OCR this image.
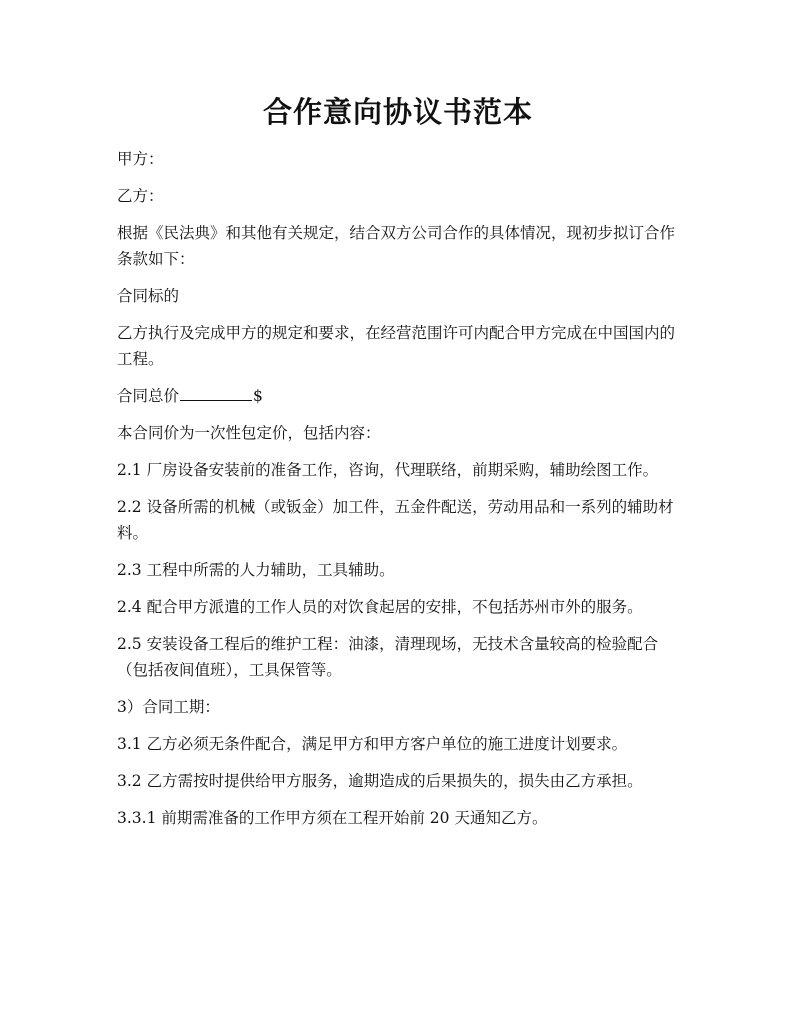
合作意向协议书范本

甲方：

乙方：

根据《民法典》和其他有关规定，结合双方公司合作的具体情况，现初步拟订合作条款如下：

合同标的

乙方执行及完成甲方的规定和要求，在经营范围许可内配合甲方完成在中国国内的工程。

合同总价	$

本合同价为一次性包定价，包括内容：

2.1 厂房设备安装前的准备工作，咨询，代理联络，前期采购，辅助绘图工作。

2.2 设备所需的机械（或钣金）加工件，五金件配送，劳动用品和一系列的辅助材料。

2.3 工程中所需的人力辅助，工具辅助。

2.4 配合甲方派遣的工作人员的对饮食起居的安排，不包括苏州市外的服务。

2.5 安装设备工程后的维护工程：油漆，清理现场，无技术含量较高的检验配合（包括夜间值班），工具保管等。

3）合同工期：

3.1 乙方必须无条件配合，满足甲方和甲方客户单位的施工进度计划要求。

3.2 乙方需按时提供给甲方服务，逾期造成的后果损失的，损失由乙方承担。

3.3.1 前期需准备的工作甲方须在工程开始前 20 天通知乙方。
